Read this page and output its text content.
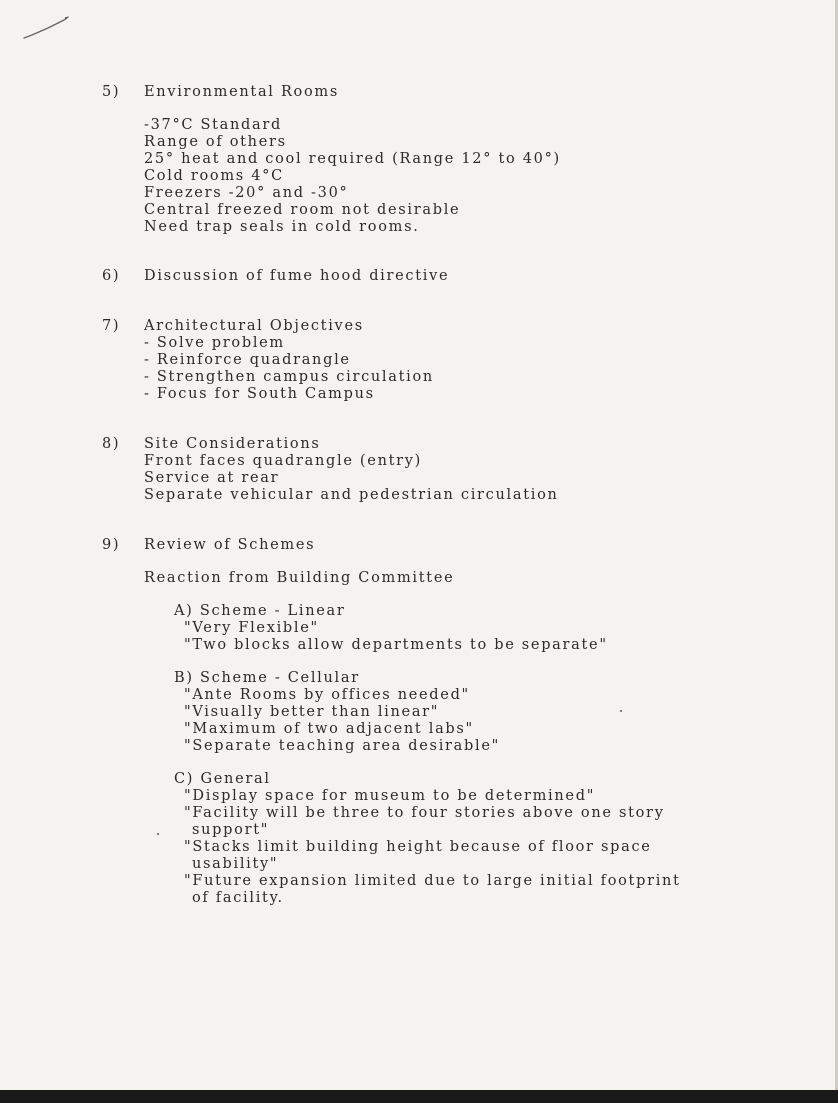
5)	Environmental Rooms
-37°C Standard
Range of others
25° heat and cool required (Range 12° to 40°)
Cold rooms 4°C
Freezers -20° and -30°
Central freezed room not desirable
Need trap seals in cold rooms.
6)	Discussion of fume hood directive
7)	Architectural Objectives
- Solve problem
- Reinforce quadrangle
- Strengthen campus circulation
- Focus for South Campus
8)	Site Considerations
Front faces quadrangle (entry)
Service at rear
Separate vehicular and pedestrian circulation
9)	Review of Schemes
Reaction from Building Committee
A) Scheme - Linear
"Very Flexible"
"Two blocks allow departments to be separate"
B) Scheme - Cellular
"Ante Rooms by offices needed"
"Visually better than linear"
"Maximum of two adjacent labs"
"Separate teaching area desirable"
C) General
"Display space for museum to be determined"
"Facility will be three to four stories above one story
support"
"Stacks limit building height because of floor space
usability"
"Future expansion limited due to large initial footprint
of facility.
